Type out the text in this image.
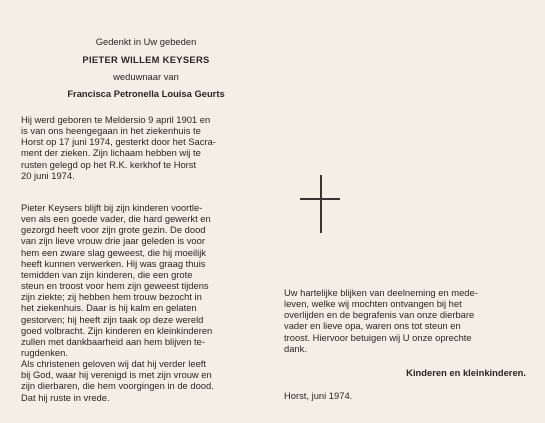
Gedenkt in Uw gebeden

PIETER WILLEM KEYSERS

weduwnaar van

Francisca Petronella Louisa Geurts

Hij werd geboren te Meldersio 9 april 1901 en
is van ons heengegaan in het ziekenhuis te
Horst op 17 juni 1974, gesterkt door het Sacra-
ment der zieken. Zijn lichaam hebben wij te
rusten gelegd op het R.K. kerkhof te Horst
20 juni 1974.
Pieter Keysers blijft bij zijn kinderen voortle-
ven als een goede vader, die hard gewerkt en
gezorgd heeft voor zijn grote gezin. De dood
van zijn lieve vrouw drie jaar geleden is voor
hem een zware slag geweest, die hij moeilijk
heeft kunnen verwerken. Hij was graag thuis
temidden van zijn kinderen, die een grote
steun en troost voor hem zijn geweest tijdens
zijn ziekte; zij hebben hem trouw bezocht in
het ziekenhuis. Daar is hij kalm en gelaten
gestorven; hij heeft zijn taak op deze wereld
goed volbracht. Zijn kinderen en kleinkinderen
zullen met dankbaarheid aan hem blijven te-
rugdenken.
Als christenen geloven wij dat hij verder leeft
bij God, waar hij verenigd is met zijn vrouw en
zijn dierbaren, die hem voorgingen in de dood.
Dat hij ruste in vrede.
Uw hartelijke blijken van deelneming en mede-
leven, welke wij mochten ontvangen bij het
overlijden en de begrafenis van onze dierbare
vader en lieve opa, waren ons tot steun en
troost. Hiervoor betuigen wij U onze oprechte
dank.
Kinderen en kleinkinderen.
Horst, juni 1974.
